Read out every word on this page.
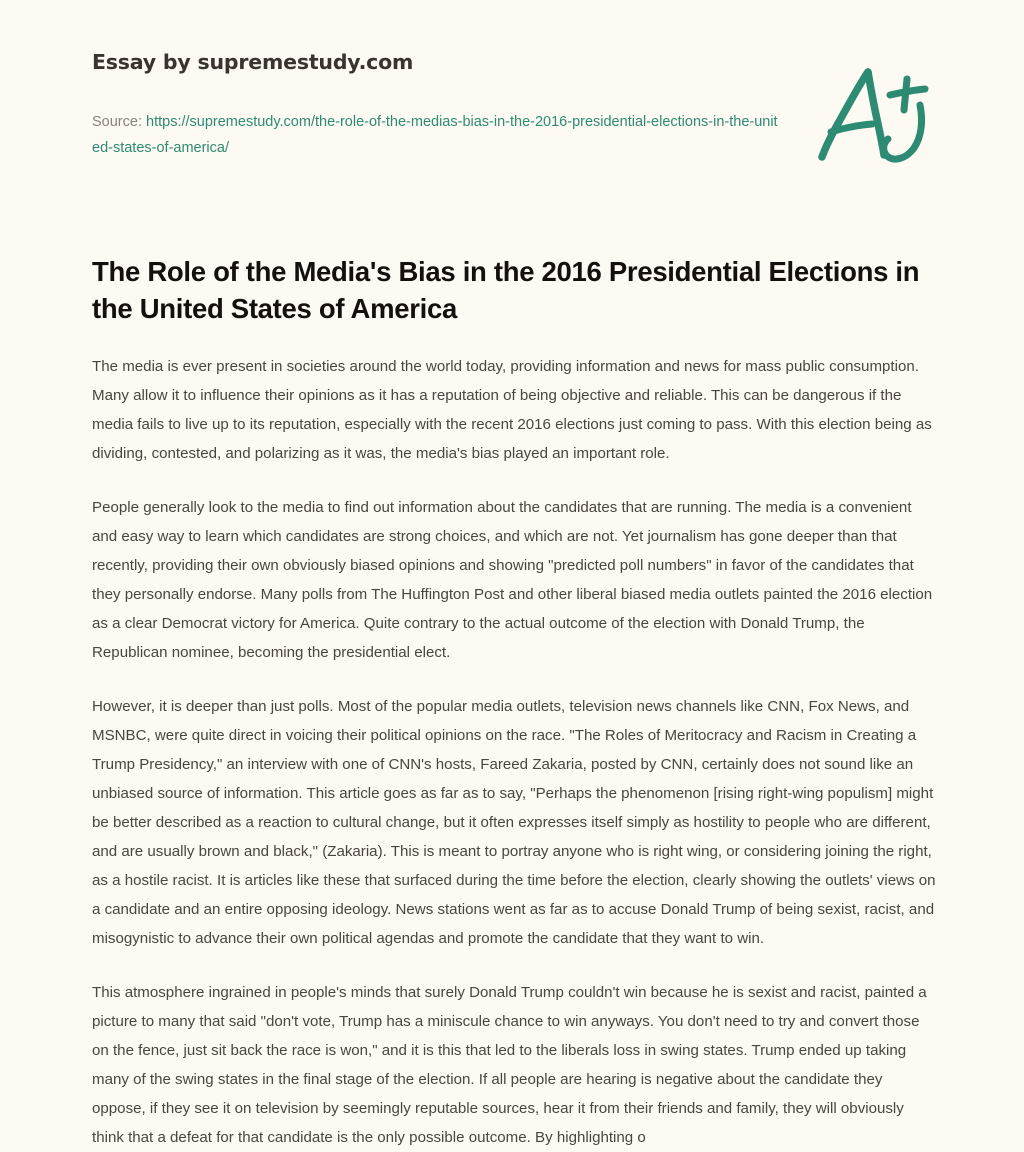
Essay by supremestudy.com
Source: https://supremestudy.com/the-role-of-the-medias-bias-in-the-2016-presidential-elections-in-the-united-states-of-america/
The Role of the Media's Bias in the 2016 Presidential Elections in the United States of America

The media is ever present in societies around the world today, providing information and news for mass public consumption. Many allow it to influence their opinions as it has a reputation of being objective and reliable. This can be dangerous if the media fails to live up to its reputation, especially with the recent 2016 elections just coming to pass. With this election being as dividing, contested, and polarizing as it was, the media's bias played an important role.

People generally look to the media to find out information about the candidates that are running. The media is a convenient and easy way to learn which candidates are strong choices, and which are not. Yet journalism has gone deeper than that recently, providing their own obviously biased opinions and showing "predicted poll numbers" in favor of the candidates that they personally endorse. Many polls from The Huffington Post and other liberal biased media outlets painted the 2016 election as a clear Democrat victory for America. Quite contrary to the actual outcome of the election with Donald Trump, the Republican nominee, becoming the presidential elect.

However, it is deeper than just polls. Most of the popular media outlets, television news channels like CNN, Fox News, and MSNBC, were quite direct in voicing their political opinions on the race. "The Roles of Meritocracy and Racism in Creating a Trump Presidency," an interview with one of CNN's hosts, Fareed Zakaria, posted by CNN, certainly does not sound like an unbiased source of information. This article goes as far as to say, "Perhaps the phenomenon [rising right-wing populism] might be better described as a reaction to cultural change, but it often expresses itself simply as hostility to people who are different, and are usually brown and black," (Zakaria). This is meant to portray anyone who is right wing, or considering joining the right, as a hostile racist. It is articles like these that surfaced during the time before the election, clearly showing the outlets' views on a candidate and an entire opposing ideology. News stations went as far as to accuse Donald Trump of being sexist, racist, and misogynistic to advance their own political agendas and promote the candidate that they want to win.

This atmosphere ingrained in people's minds that surely Donald Trump couldn't win because he is sexist and racist, painted a picture to many that said "don't vote, Trump has a miniscule chance to win anyways. You don't need to try and convert those on the fence, just sit back the race is won," and it is this that led to the liberals loss in swing states. Trump ended up taking many of the swing states in the final stage of the election. If all people are hearing is negative about the candidate they oppose, if they see it on television by seemingly reputable sources, hear it from their friends and family, they will obviously think that a defeat for that candidate is the only possible outcome. By highlighting o
